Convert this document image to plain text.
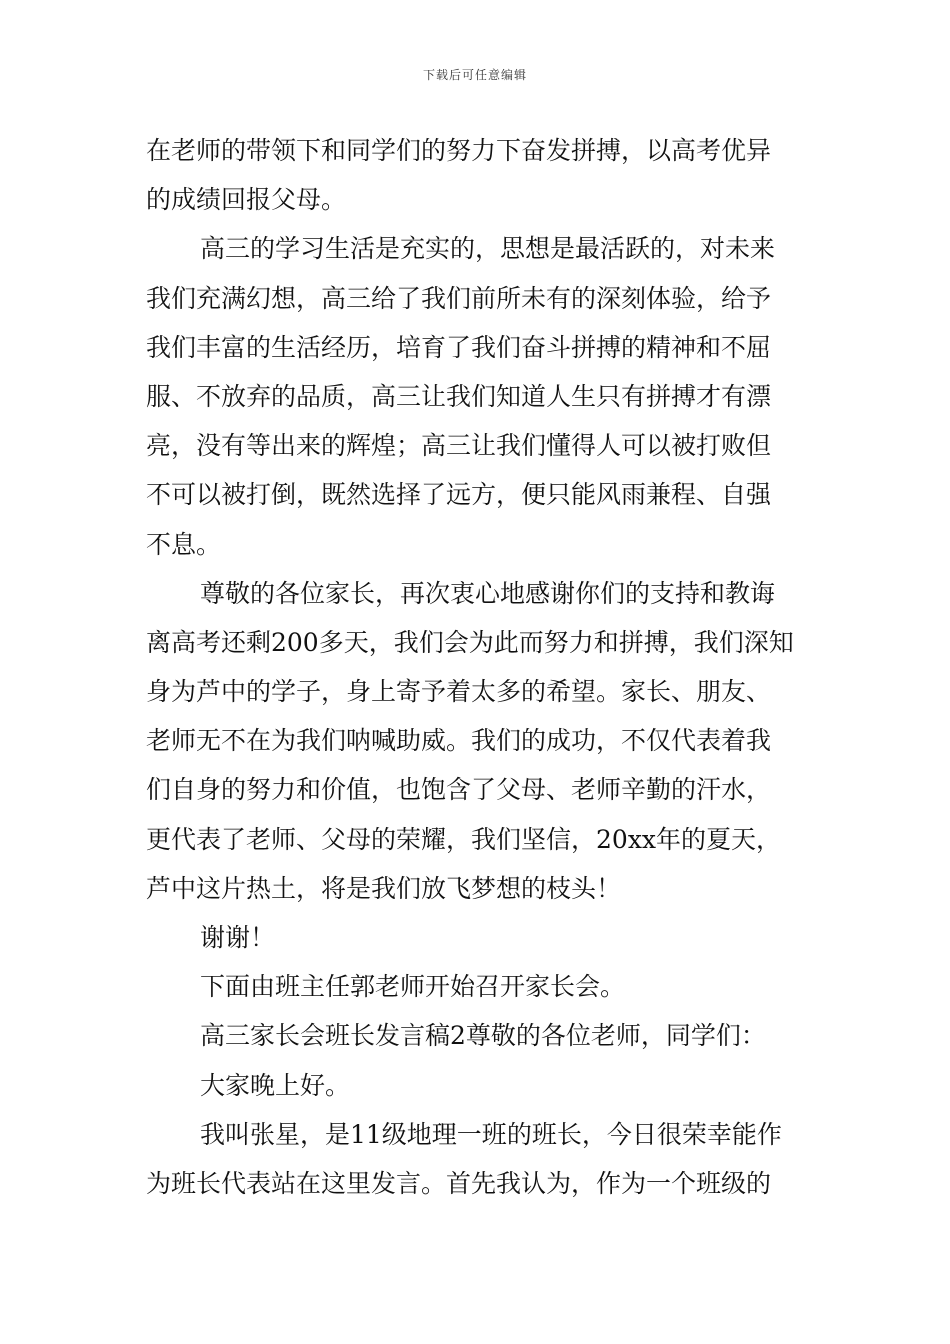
下载后可任意编辑
在老师的带领下和同学们的努力下奋发拼搏，以高考优异
的成绩回报父母。
高三的学习生活是充实的，思想是最活跃的，对未来
我们充满幻想，高三给了我们前所未有的深刻体验，给予
我们丰富的生活经历，培育了我们奋斗拼搏的精神和不屈
服、不放弃的品质，高三让我们知道人生只有拼搏才有漂
亮，没有等出来的辉煌；高三让我们懂得人可以被打败但
不可以被打倒，既然选择了远方，便只能风雨兼程、自强
不息。
尊敬的各位家长，再次衷心地感谢你们的支持和教诲
离高考还剩200多天，我们会为此而努力和拼搏，我们深知
身为芦中的学子，身上寄予着太多的希望。家长、朋友、
老师无不在为我们呐喊助威。我们的成功，不仅代表着我
们自身的努力和价值，也饱含了父母、老师辛勤的汗水，
更代表了老师、父母的荣耀，我们坚信，20xx年的夏天，
芦中这片热土，将是我们放飞梦想的枝头！
谢谢！
下面由班主任郭老师开始召开家长会。
高三家长会班长发言稿2尊敬的各位老师，同学们：
大家晚上好。
我叫张星，是11级地理一班的班长，今日很荣幸能作
为班长代表站在这里发言。首先我认为，作为一个班级的
